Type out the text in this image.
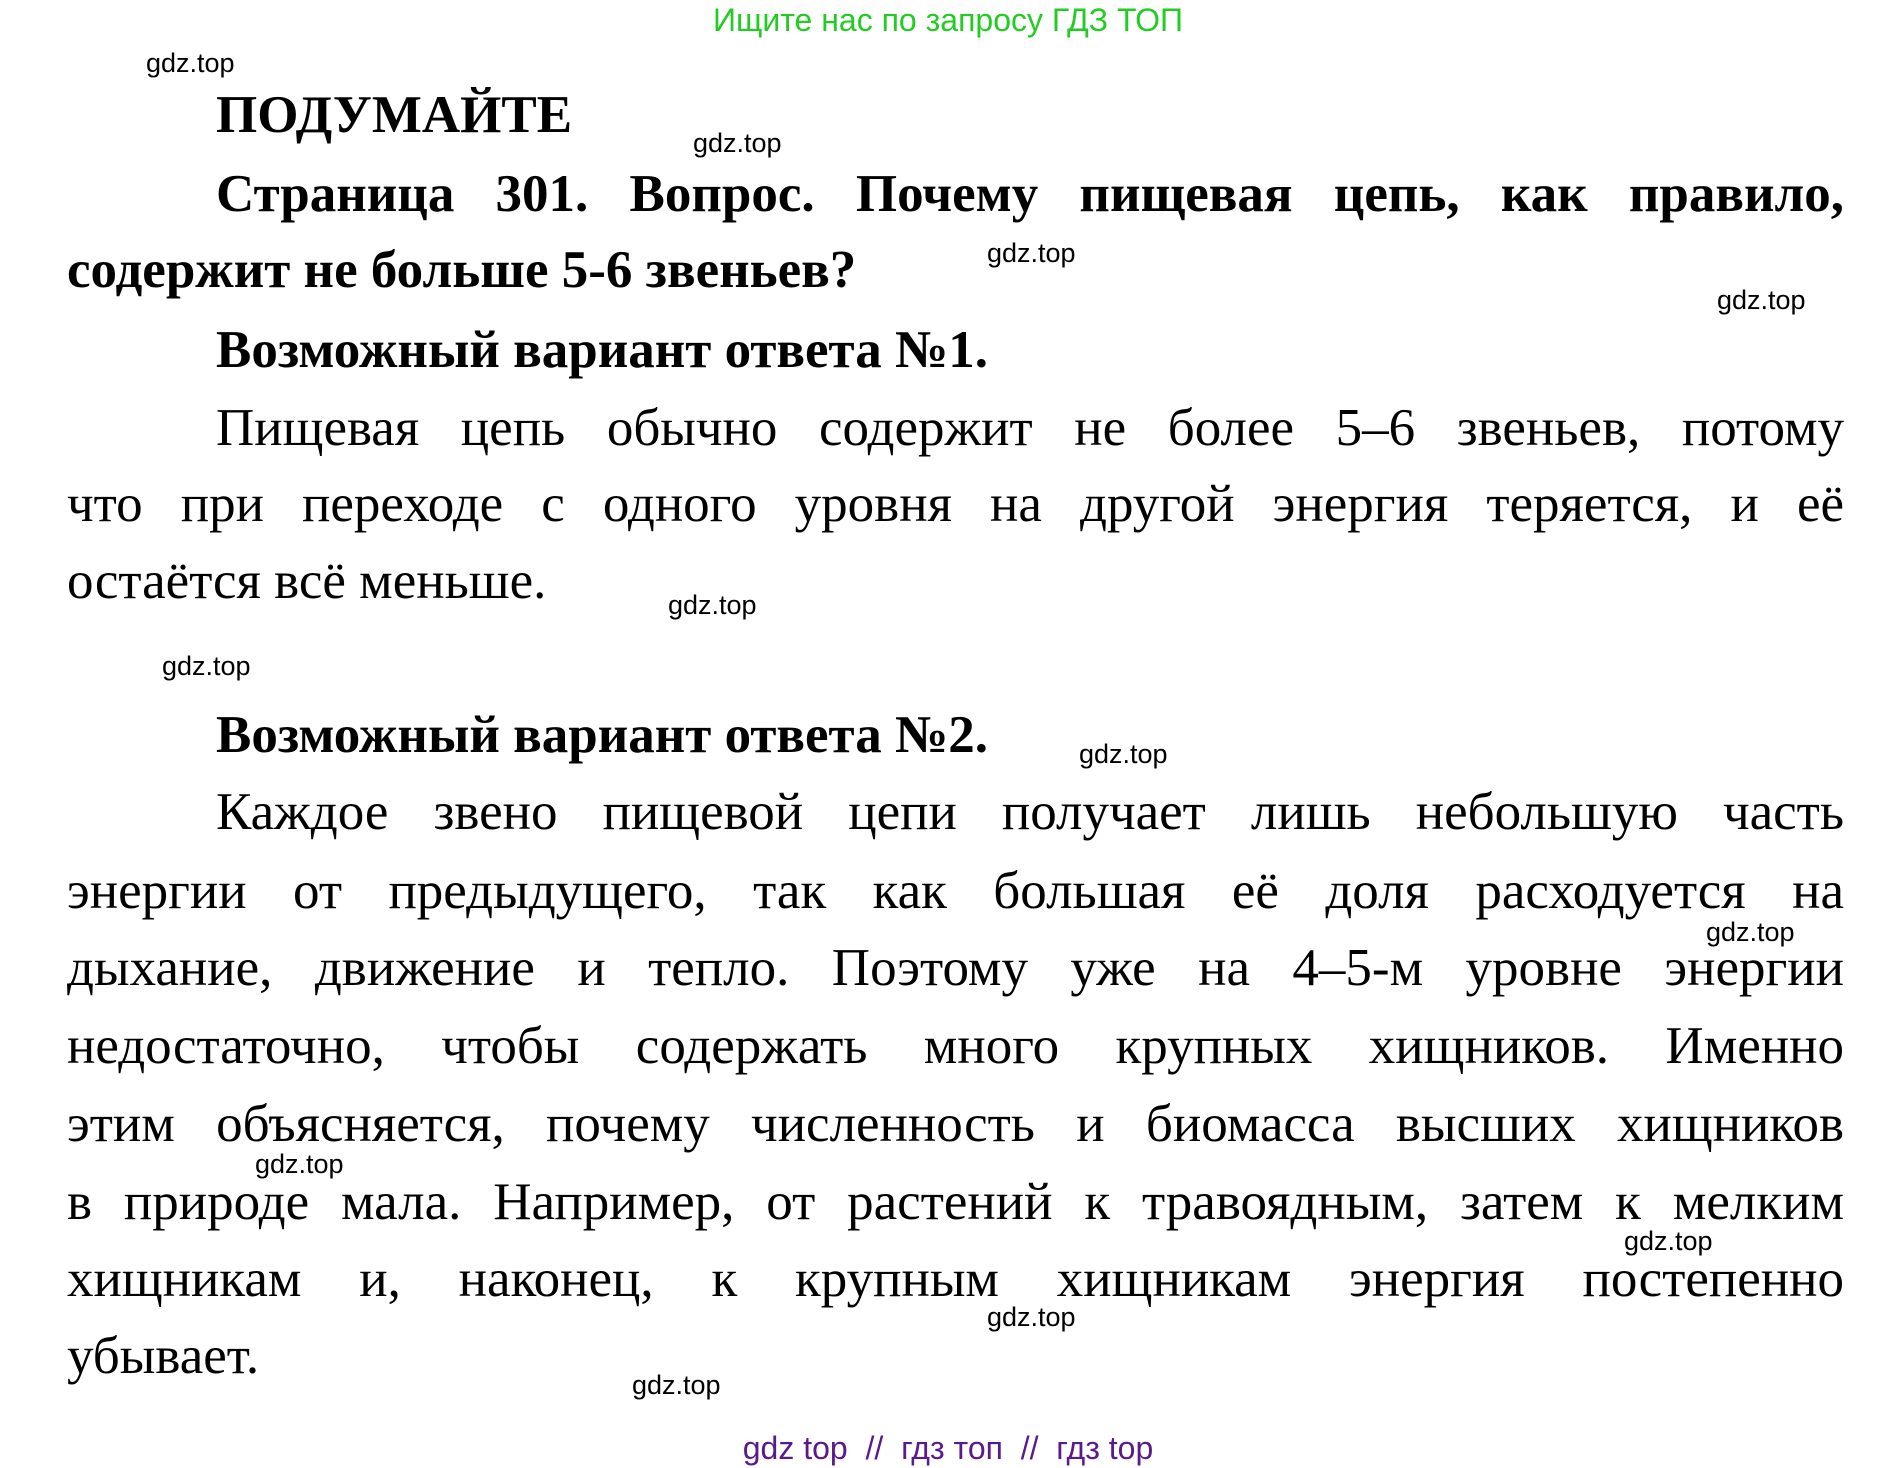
Ищите нас по запросу ГДЗ ТОП
ПОДУМАЙТЕ
Страница 301. Вопрос. Почему пищевая цепь, как правило,
содержит не больше 5-6 звеньев?
Возможный вариант ответа №1.
Пищевая цепь обычно содержит не более 5–6 звеньев, потому
что при переходе с одного уровня на другой энергия теряется, и её
остаётся всё меньше.
Возможный вариант ответа №2.
Каждое звено пищевой цепи получает лишь небольшую часть
энергии от предыдущего, так как большая её доля расходуется на
дыхание, движение и тепло. Поэтому уже на 4–5-м уровне энергии
недостаточно, чтобы содержать много крупных хищников. Именно
этим объясняется, почему численность и биомасса высших хищников
в природе мала. Например, от растений к травоядным, затем к мелким
хищникам и, наконец, к крупным хищникам энергия постепенно
убывает.
gdz.top
gdz.top
gdz.top
gdz.top
gdz.top
gdz.top
gdz.top
gdz.top
gdz.top
gdz.top
gdz.top
gdz.top
gdz top  //  гдз топ  //  гдз top
